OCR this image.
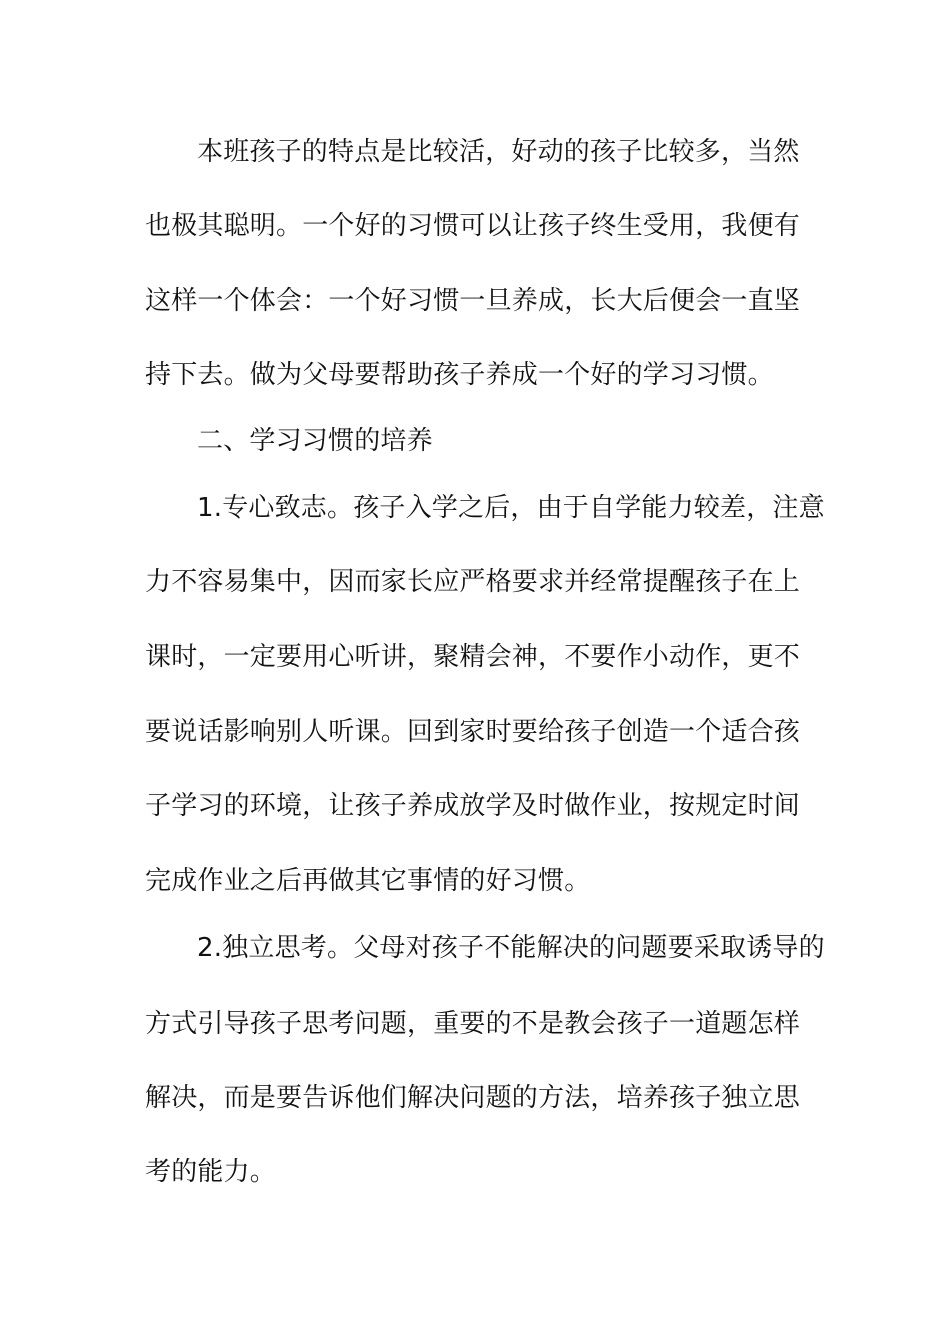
本班孩子的特点是比较活，好动的孩子比较多，当然
也极其聪明。一个好的习惯可以让孩子终生受用，我便有
这样一个体会：一个好习惯一旦养成，长大后便会一直坚
持下去。做为父母要帮助孩子养成一个好的学习习惯。
二、学习习惯的培养
1.专心致志。孩子入学之后，由于自学能力较差，注意
力不容易集中，因而家长应严格要求并经常提醒孩子在上
课时，一定要用心听讲，聚精会神，不要作小动作，更不
要说话影响别人听课。回到家时要给孩子创造一个适合孩
子学习的环境，让孩子养成放学及时做作业，按规定时间
完成作业之后再做其它事情的好习惯。
2.独立思考。父母对孩子不能解决的问题要采取诱导的
方式引导孩子思考问题，重要的不是教会孩子一道题怎样
解决，而是要告诉他们解决问题的方法，培养孩子独立思
考的能力。
